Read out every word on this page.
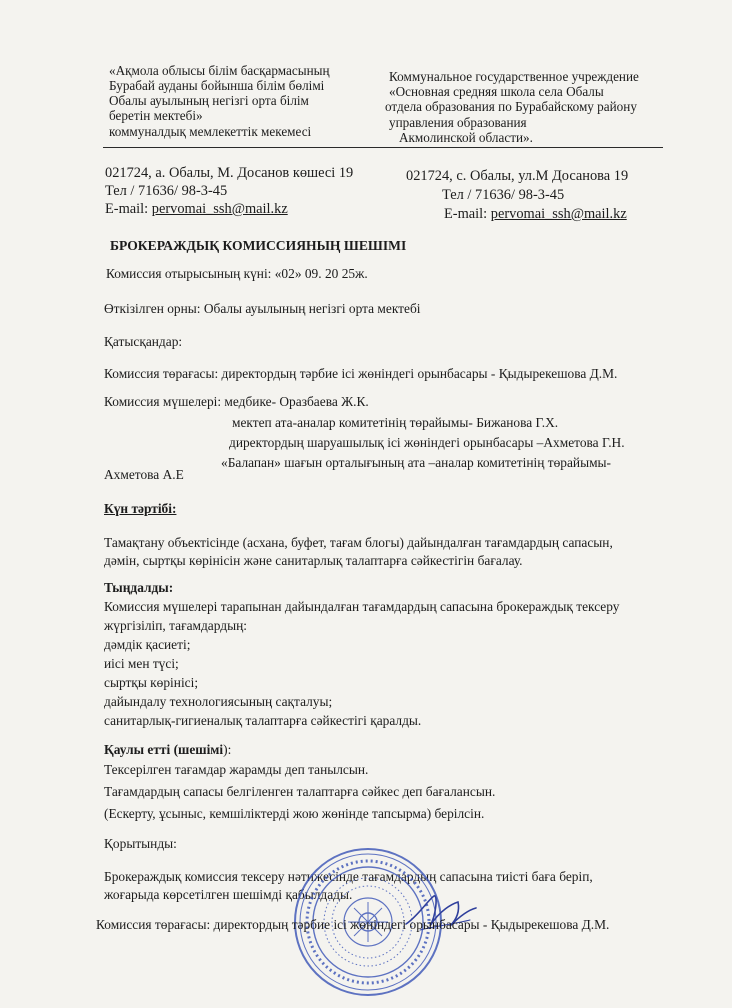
«Ақмола облысы білім басқармасының
Бурабай ауданы бойынша білім бөлімі
Обалы ауылының негізгі орта білім
беретін мектебі»
коммуналдық мемлекеттік мекемесі
Коммунальное государственное учреждение
«Основная средняя школа села Обалы
отдела образования по Бурабайскому району
управления образования
Акмолинской области».
021724, а. Обалы, М. Досанов көшесі 19
Тел / 71636/ 98-3-45
E-mail: pervomai_ssh@mail.kz
021724, с. Обалы, ул.М Досанова 19
Тел / 71636/ 98-3-45
E-mail: pervomai_ssh@mail.kz
БРОКЕРАЖДЫҚ КОМИССИЯНЫҢ ШЕШІМІ
Комиссия отырысының күні: «02» 09. 20 25ж.
Өткізілген орны: Обалы ауылының негізгі орта мектебі
Қатысқандар:
Комиссия төрағасы: директордың тәрбие ісі жөніндегі орынбасары - Қыдырекешова Д.М.
Комиссия мүшелері: медбике- Оразбаева Ж.К.
мектеп ата-аналар комитетінің төрайымы- Бижанова Г.Х.
директордың шаруашылық ісі жөніндегі орынбасары –Ахметова Г.Н.
«Балапан» шағын орталығының ата –аналар комитетінің төрайымы-
Ахметова А.Е
Күн тәртібі:
Тамақтану объектісінде (асхана, буфет, тағам блогы) дайындалған тағамдардың сапасын,
дәмін, сыртқы көрінісін және санитарлық талаптарға сәйкестігін бағалау.
Тыңдалды:
Комиссия мүшелері тарапынан дайындалған тағамдардың сапасына брокераждық тексеру
жүргізіліп, тағамдардың:
дәмдік қасиеті;
иісі мен түсі;
сыртқы көрінісі;
дайындалу технологиясының сақталуы;
санитарлық-гигиеналық талаптарға сәйкестігі қаралды.
Қаулы етті (шешімі):
Тексерілген тағамдар жарамды деп танылсын.
Тағамдардың сапасы белгіленген талаптарға сәйкес деп бағалансын.
(Ескерту, ұсыныс, кемшіліктерді жою жөнінде тапсырма) берілсін.
Қорытынды:
Брокераждық комиссия тексеру нәтижесінде тағамдардың сапасына тиісті баға беріп,
жоғарыда көрсетілген шешімді қабылдады.
Комиссия төрағасы: директордың тәрбие ісі жөніндегі орынбасары - Қыдырекешова Д.М.
